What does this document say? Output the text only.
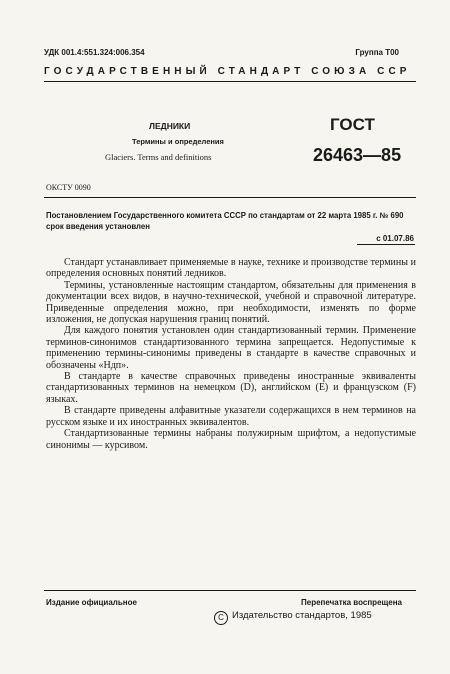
УДК 001.4:551.324:006.354	Группа Т00
ГОСУДАРСТВЕННЫЙ СТАНДАРТ СОЮЗА ССР
ЛЕДНИКИ
Термины и определения
Glaciers. Terms and definitions
ГОСТ
26463—85
ОКСТУ 0090
Постановлением Государственного комитета СССР по стандартам от 22 марта 1985 г. № 690 срок введения установлен
с 01.07.86

Стандарт устанавливает применяемые в науке, технике и производстве термины и определения основных понятий ледников.

Термины, установленные настоящим стандартом, обязательны для применения в документации всех видов, в научно-технической, учебной и справочной литературе. Приведенные определения можно, при необходимости, изменять по форме изложения, не допуская нарушения границ понятий.

Для каждого понятия установлен один стандартизованный термин. Применение терминов-синонимов стандартизованного термина запрещается. Недопустимые к применению термины-синонимы приведены в стандарте в качестве справочных и обозначены «Ндп».

В стандарте в качестве справочных приведены иностранные эквиваленты стандартизованных терминов на немецком (D), английском (E) и французском (F) языках.

В стандарте приведены алфавитные указатели содержащихся в нем терминов на русском языке и их иностранных эквивалентов.

Стандартизованные термины набраны полужирным шрифтом, а недопустимые синонимы — курсивом.

Издание официальное	Перепечатка воспрещена
С Издательство стандартов, 1985
